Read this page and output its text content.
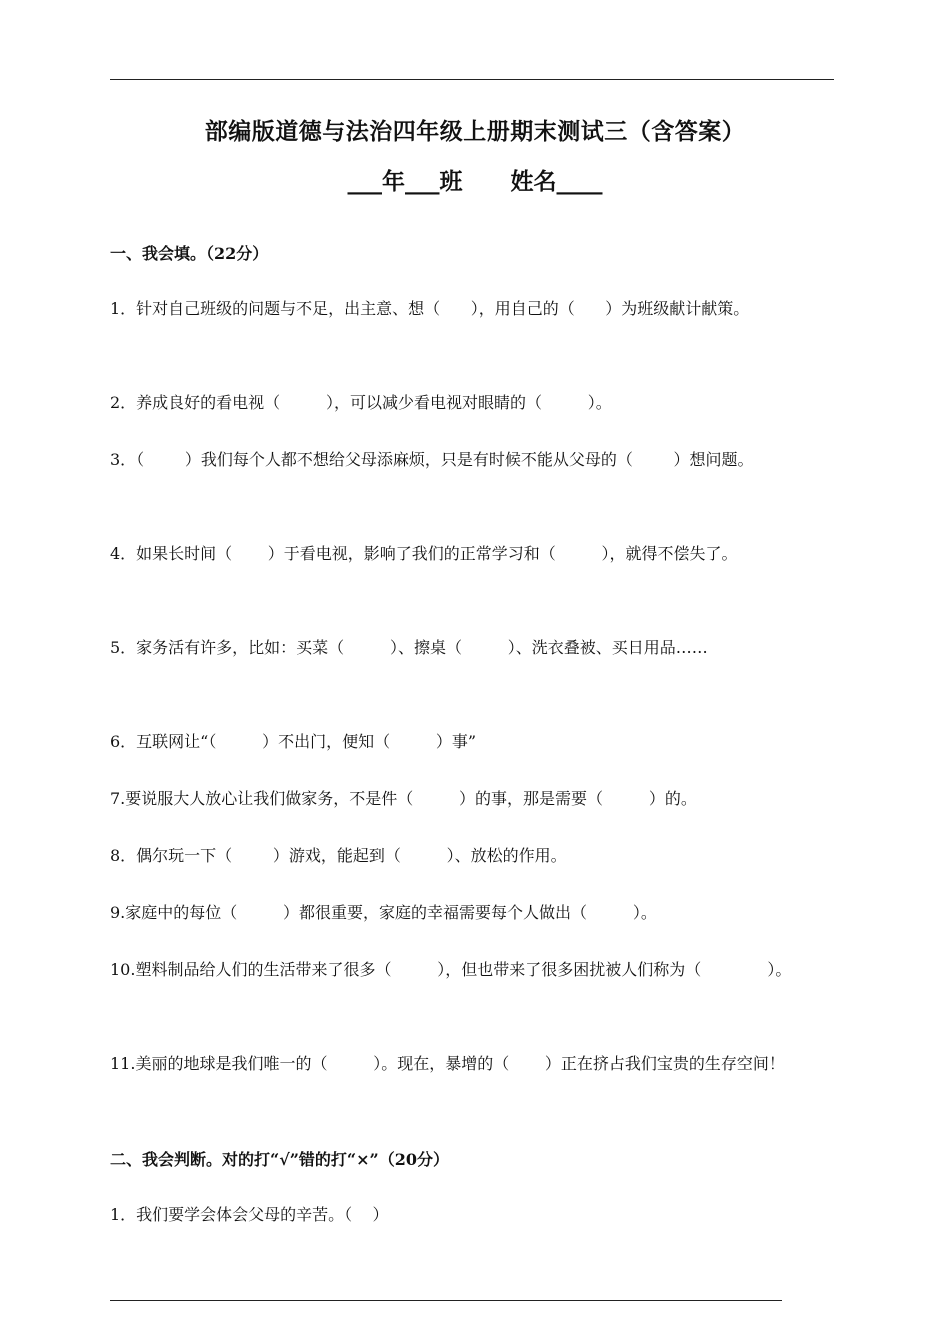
部编版道德与法治四年级上册期末测试三（含答案）
___年___班      姓名____
一、我会填。（22分）
1．针对自己班级的问题与不足，出主意、想（      ），用自己的（      ）为班级献计献策。
2．养成良好的看电视（         ），可以减少看电视对眼睛的（         ）。
3．（        ）我们每个人都不想给父母添麻烦，只是有时候不能从父母的（        ）想问题。
4．如果长时间（       ）于看电视，影响了我们的正常学习和（         ），就得不偿失了。
5．家务活有许多，比如：买菜（         ）、擦桌（         ）、洗衣叠被、买日用品……
6．互联网让“（         ）不出门，便知（         ）事”
7.要说服大人放心让我们做家务，不是件（         ）的事，那是需要（         ）的。
8．偶尔玩一下（        ）游戏，能起到（         ）、放松的作用。
9.家庭中的每位（         ）都很重要，家庭的幸福需要每个人做出（         ）。
10.塑料制品给人们的生活带来了很多（         ），但也带来了很多困扰被人们称为（             ）。
11.美丽的地球是我们唯一的（         ）。现在，暴增的（       ）正在挤占我们宝贵的生存空间！
二、我会判断。对的打“√”错的打“×”（20分）
1．我们要学会体会父母的辛苦。（    ）
